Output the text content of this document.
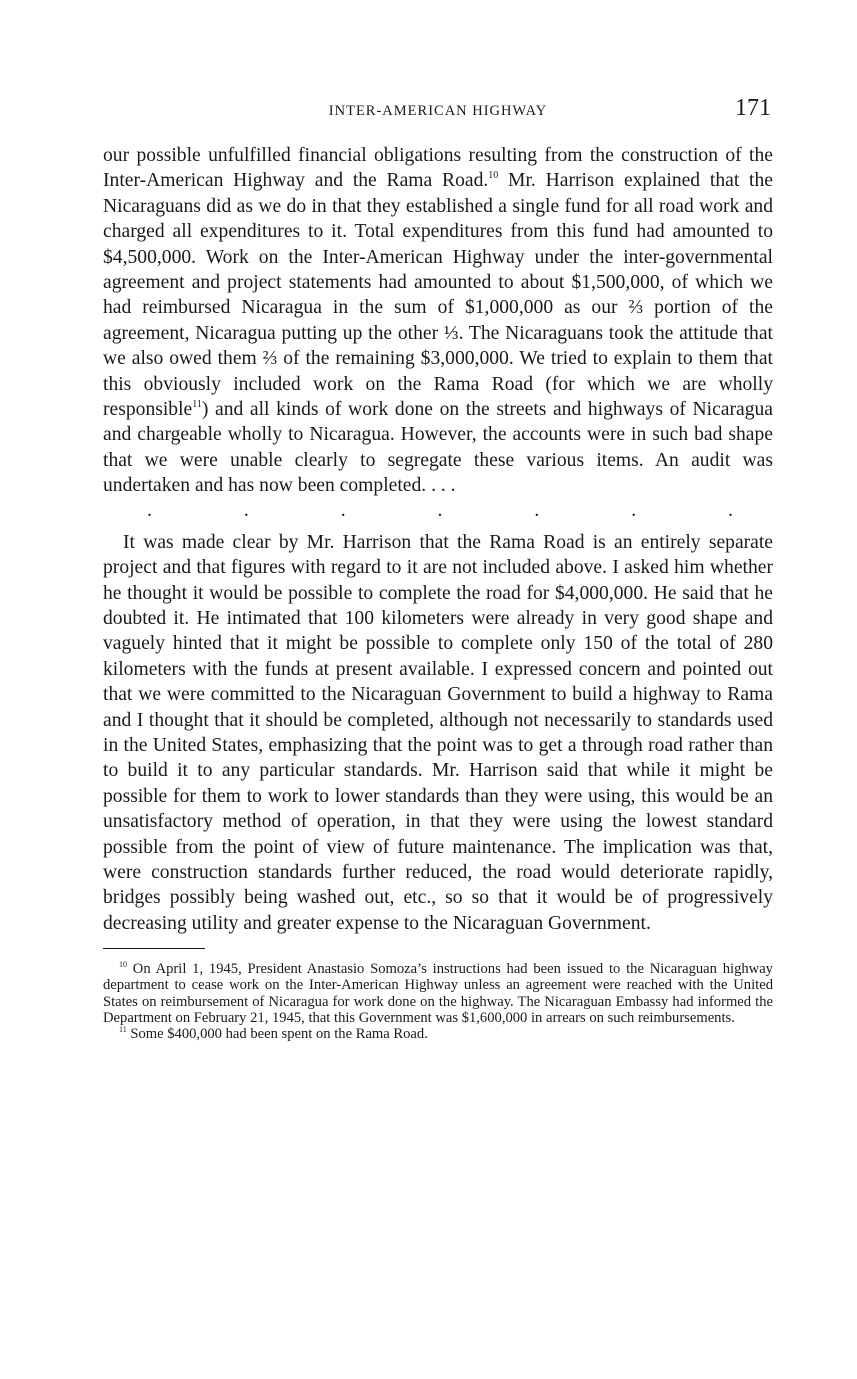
INTER-AMERICAN HIGHWAY	171

our possible unfulfilled financial obligations resulting from the construction of the Inter-American Highway and the Rama Road.$^{10}$ Mr. Harrison explained that the Nicaraguans did as we do in that they established a single fund for all road work and charged all expenditures to it. Total expenditures from this fund had amounted to $4,500,000. Work on the Inter-American Highway under the inter-governmental agreement and project statements had amounted to about $1,500,000, of which we had reimbursed Nicaragua in the sum of $1,000,000 as our ⅔ portion of the agreement, Nicaragua putting up the other ⅓. The Nicaraguans took the attitude that we also owed them ⅔ of the remaining $3,000,000. We tried to explain to them that this obviously included work on the Rama Road (for which we are wholly responsible$^{11}$) and all kinds of work done on the streets and highways of Nicaragua and chargeable wholly to Nicaragua. However, the accounts were in such bad shape that we were unable clearly to segregate these various items. An audit was undertaken and has now been completed. . . .

.	.	.	.	.	.	.

It was made clear by Mr. Harrison that the Rama Road is an entirely separate project and that figures with regard to it are not included above. I asked him whether he thought it would be possible to complete the road for $4,000,000. He said that he doubted it. He intimated that 100 kilometers were already in very good shape and vaguely hinted that it might be possible to complete only 150 of the total of 280 kilometers with the funds at present available. I expressed concern and pointed out that we were committed to the Nicaraguan Government to build a highway to Rama and I thought that it should be completed, although not necessarily to standards used in the United States, emphasizing that the point was to get a through road rather than to build it to any particular standards. Mr. Harrison said that while it might be possible for them to work to lower standards than they were using, this would be an unsatisfactory method of operation, in that they were using the lowest standard possible from the point of view of future maintenance. The implication was that, were construction standards further reduced, the road would deteriorate rapidly, bridges possibly being washed out, etc., so so that it would be of progressively decreasing utility and greater expense to the Nicaraguan Government.

$^{10}$ On April 1, 1945, President Anastasio Somoza’s instructions had been issued to the Nicaraguan highway department to cease work on the Inter-American Highway unless an agreement were reached with the United States on reimbursement of Nicaragua for work done on the highway. The Nicaraguan Embassy had informed the Department on February 21, 1945, that this Government was $1,600,000 in arrears on such reimbursements.

$^{11}$ Some $400,000 had been spent on the Rama Road.
